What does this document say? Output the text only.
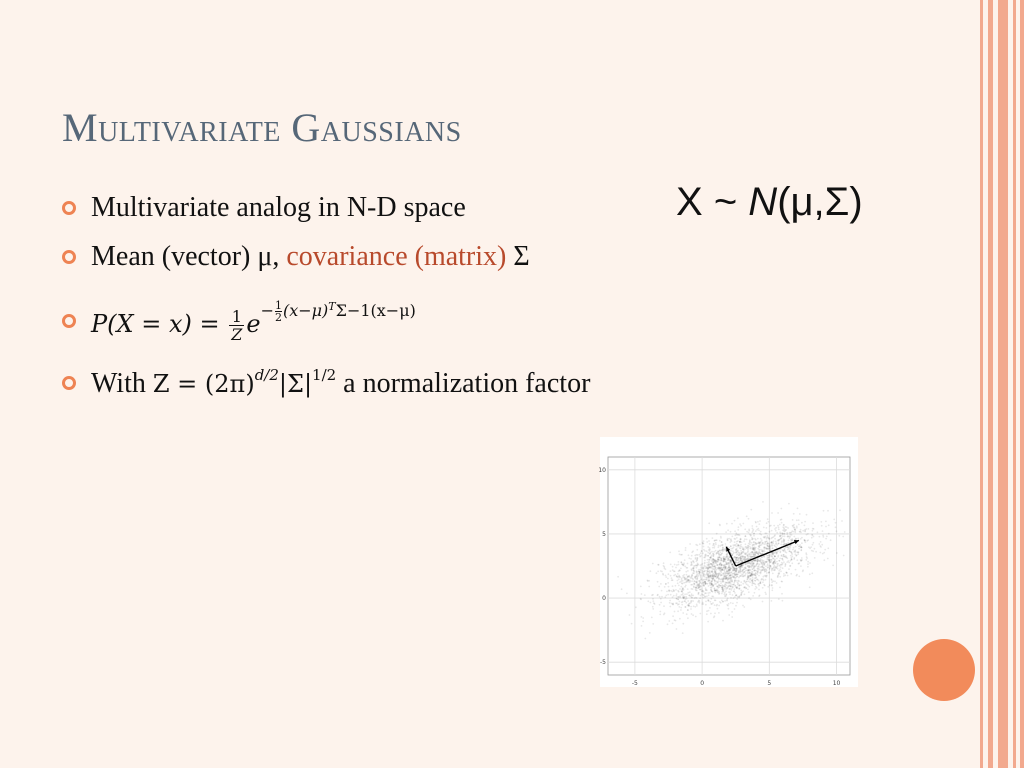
Multivariate Gaussians
X ~ N(μ,Σ)
Multivariate analog in N-D space
Mean (vector) μ, covariance (matrix) Σ
$P(X = x) = \frac{1}{Z} e^{- \frac{1}{2} (x-\mu)^T\Sigma-1(x-\mu)}$
With $Z = (2\pi)^{d/2}|\Sigma|^{1/2}$ a normalization factor
-5	0	5	10
10
5
0
-5
